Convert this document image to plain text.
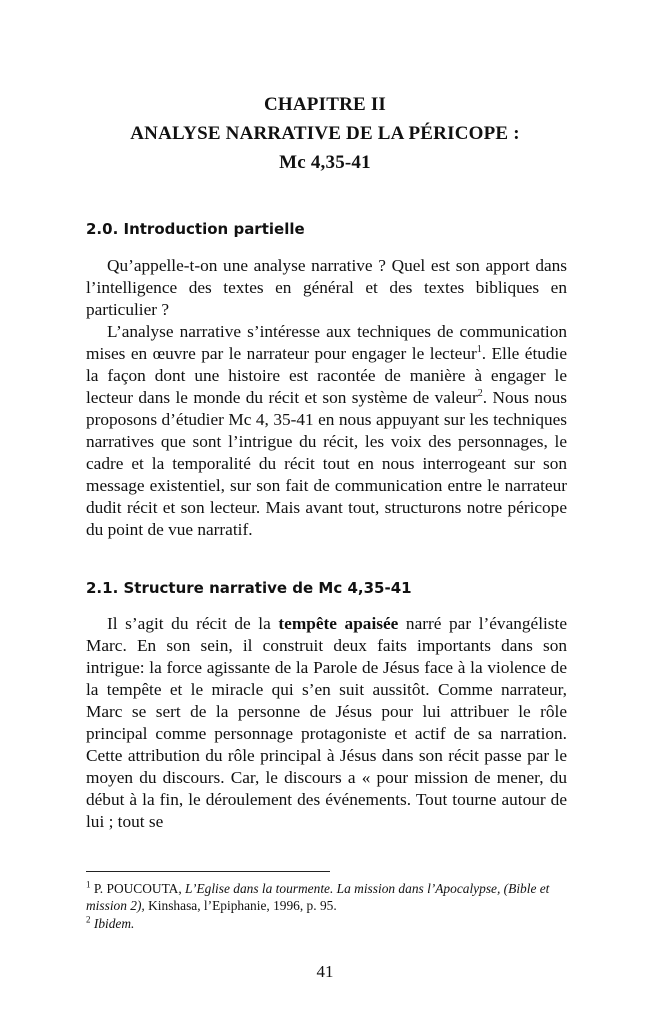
CHAPITRE II
ANALYSE NARRATIVE DE LA PÉRICOPE :
Mc 4,35-41
2.0. Introduction partielle
Qu’appelle-t-on une analyse narrative ? Quel est son apport dans l’intelligence des textes en général et des textes bibliques en particulier ?
L’analyse narrative s’intéresse aux techniques de communication mises en œuvre par le narrateur pour engager le lecteur$^1$. Elle étudie la façon dont une histoire est racontée de manière à engager le lecteur dans le monde du récit et son système de valeur$^2$. Nous nous proposons d’étudier Mc 4, 35-41 en nous appuyant sur les techniques narratives que sont l’intrigue du récit, les voix des personnages, le cadre et la temporalité du récit tout en nous interrogeant sur son message existentiel, sur son fait de communication entre le narrateur dudit récit et son lecteur. Mais avant tout, structurons notre péricope du point de vue narratif.
2.1. Structure narrative de Mc 4,35-41
Il s’agit du récit de la tempête apaisée narré par l’évangéliste Marc. En son sein, il construit deux faits importants dans son intrigue: la force agissante de la Parole de Jésus face à la violence de la tempête et le miracle qui s’en suit aussitôt. Comme narrateur, Marc se sert de la personne de Jésus pour lui attribuer le rôle principal comme personnage protagoniste et actif de sa narration. Cette attribution du rôle principal à Jésus dans son récit passe par le moyen du discours. Car, le discours a « pour mission de mener, du début à la fin, le déroulement des événements. Tout tourne autour de lui ; tout se
$^1$ P. POUCOUTA, L’Eglise dans la tourmente. La mission dans l’Apocalypse, (Bible et mission 2), Kinshasa, l’Epiphanie, 1996, p. 95.
$^2$ Ibidem.
41
